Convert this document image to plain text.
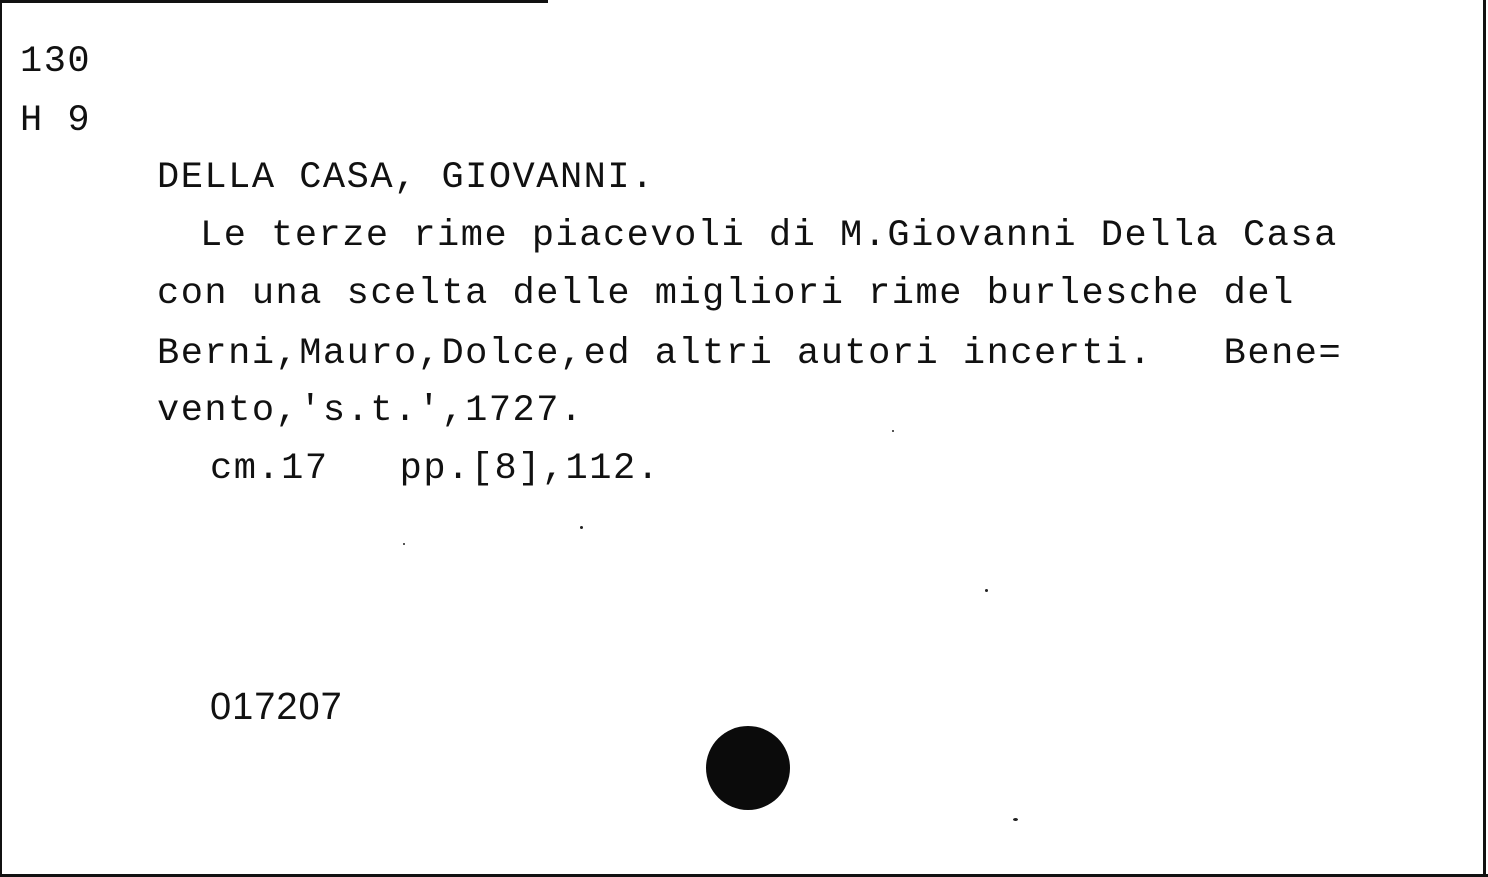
130
H 9
DELLA CASA, GIOVANNI.
Le terze rime piacevoli di M.Giovanni Della Casa
con una scelta delle migliori rime burlesche del
Berni,Mauro,Dolce,ed altri autori incerti.   Bene=
vento,'s.t.',1727.
cm.17   pp.[8],112.
017207
